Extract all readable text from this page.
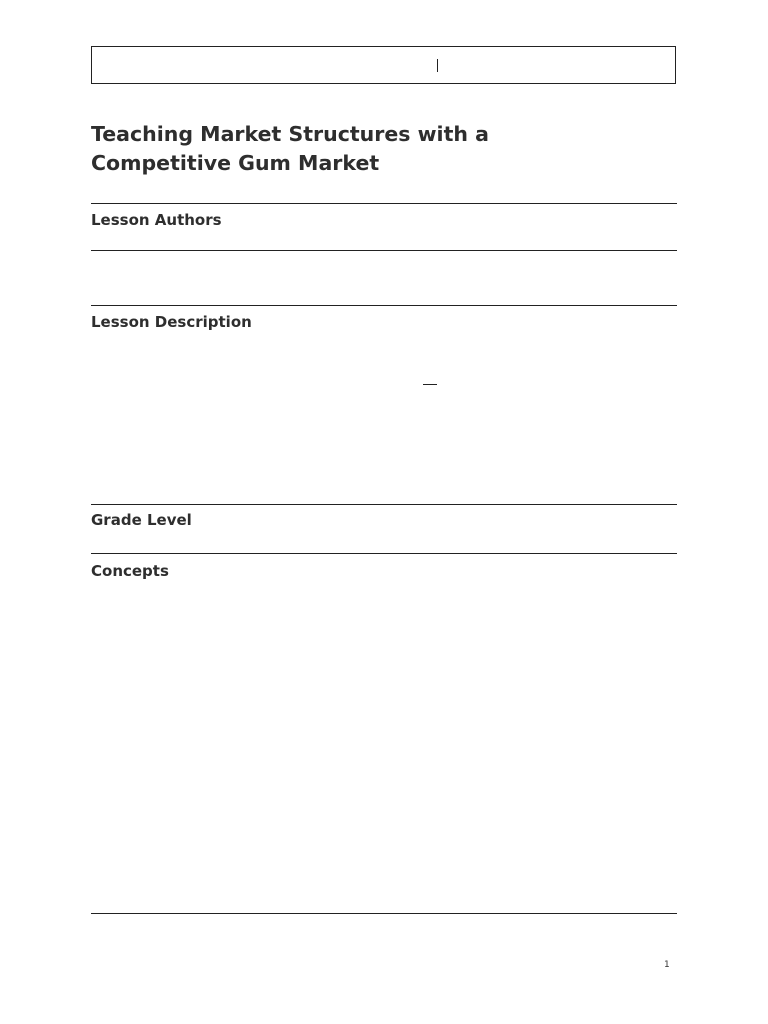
Teaching Market Structures with a
Competitive Gum Market
Lesson Authors
Lesson Description
Grade Level
Concepts
1
